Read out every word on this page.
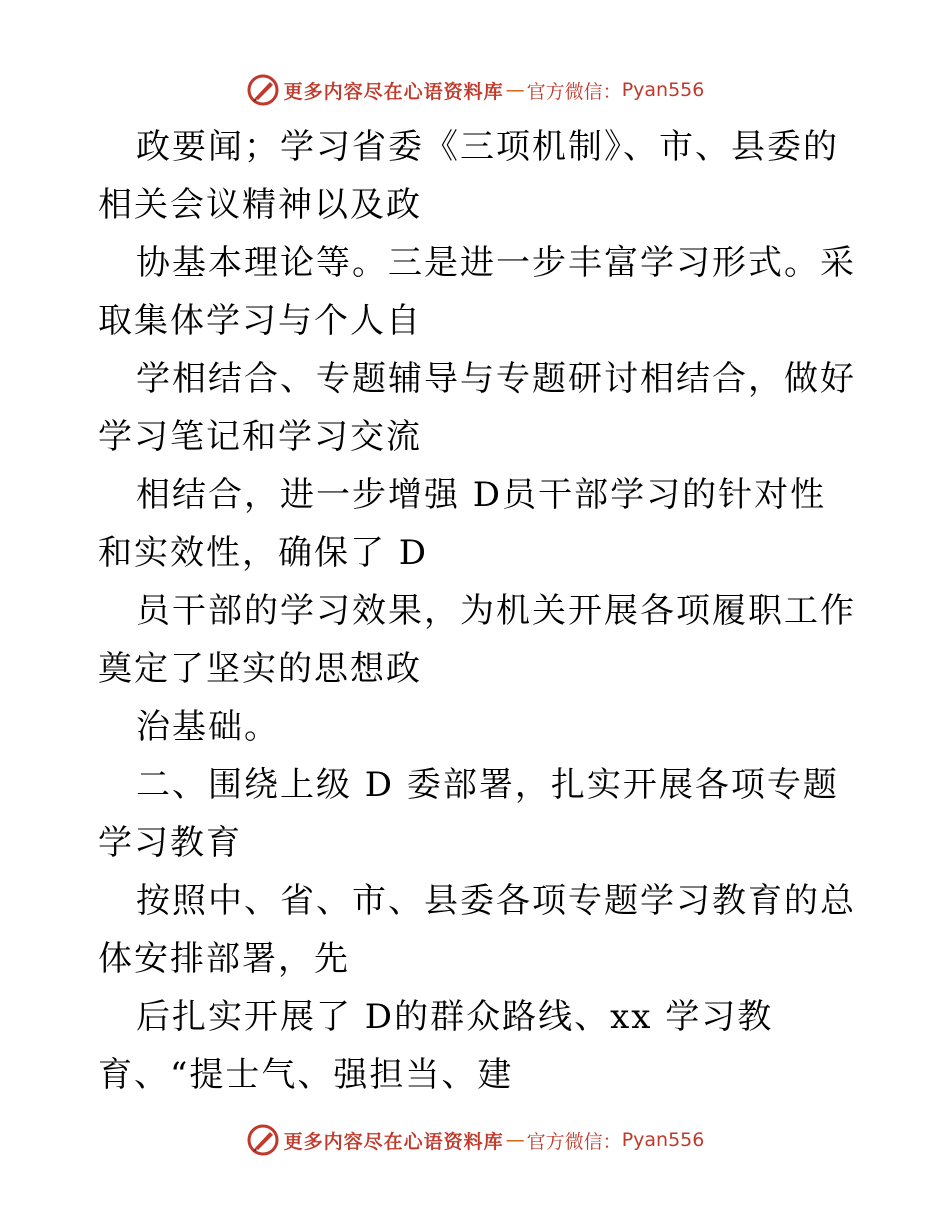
更多内容尽在心语资料库 — 官方微信： Pyan556

政要闻；学习省委《三项机制》、市、县委的相关会议精神以及政

协基本理论等。三是进一步丰富学习形式。采取集体学习与个人自

学相结合、专题辅导与专题研讨相结合，做好学习笔记和学习交流

相结合，进一步增强 D员干部学习的针对性和实效性，确保了 D

员干部的学习效果，为机关开展各项履职工作奠定了坚实的思想政

治基础。

二、围绕上级 D 委部署，扎实开展各项专题学习教育

按照中、省、市、县委各项专题学习教育的总体安排部署，先

后扎实开展了 D的群众路线、xx 学习教育、“提士气、强担当、建

更多内容尽在心语资料库 — 官方微信： Pyan556
